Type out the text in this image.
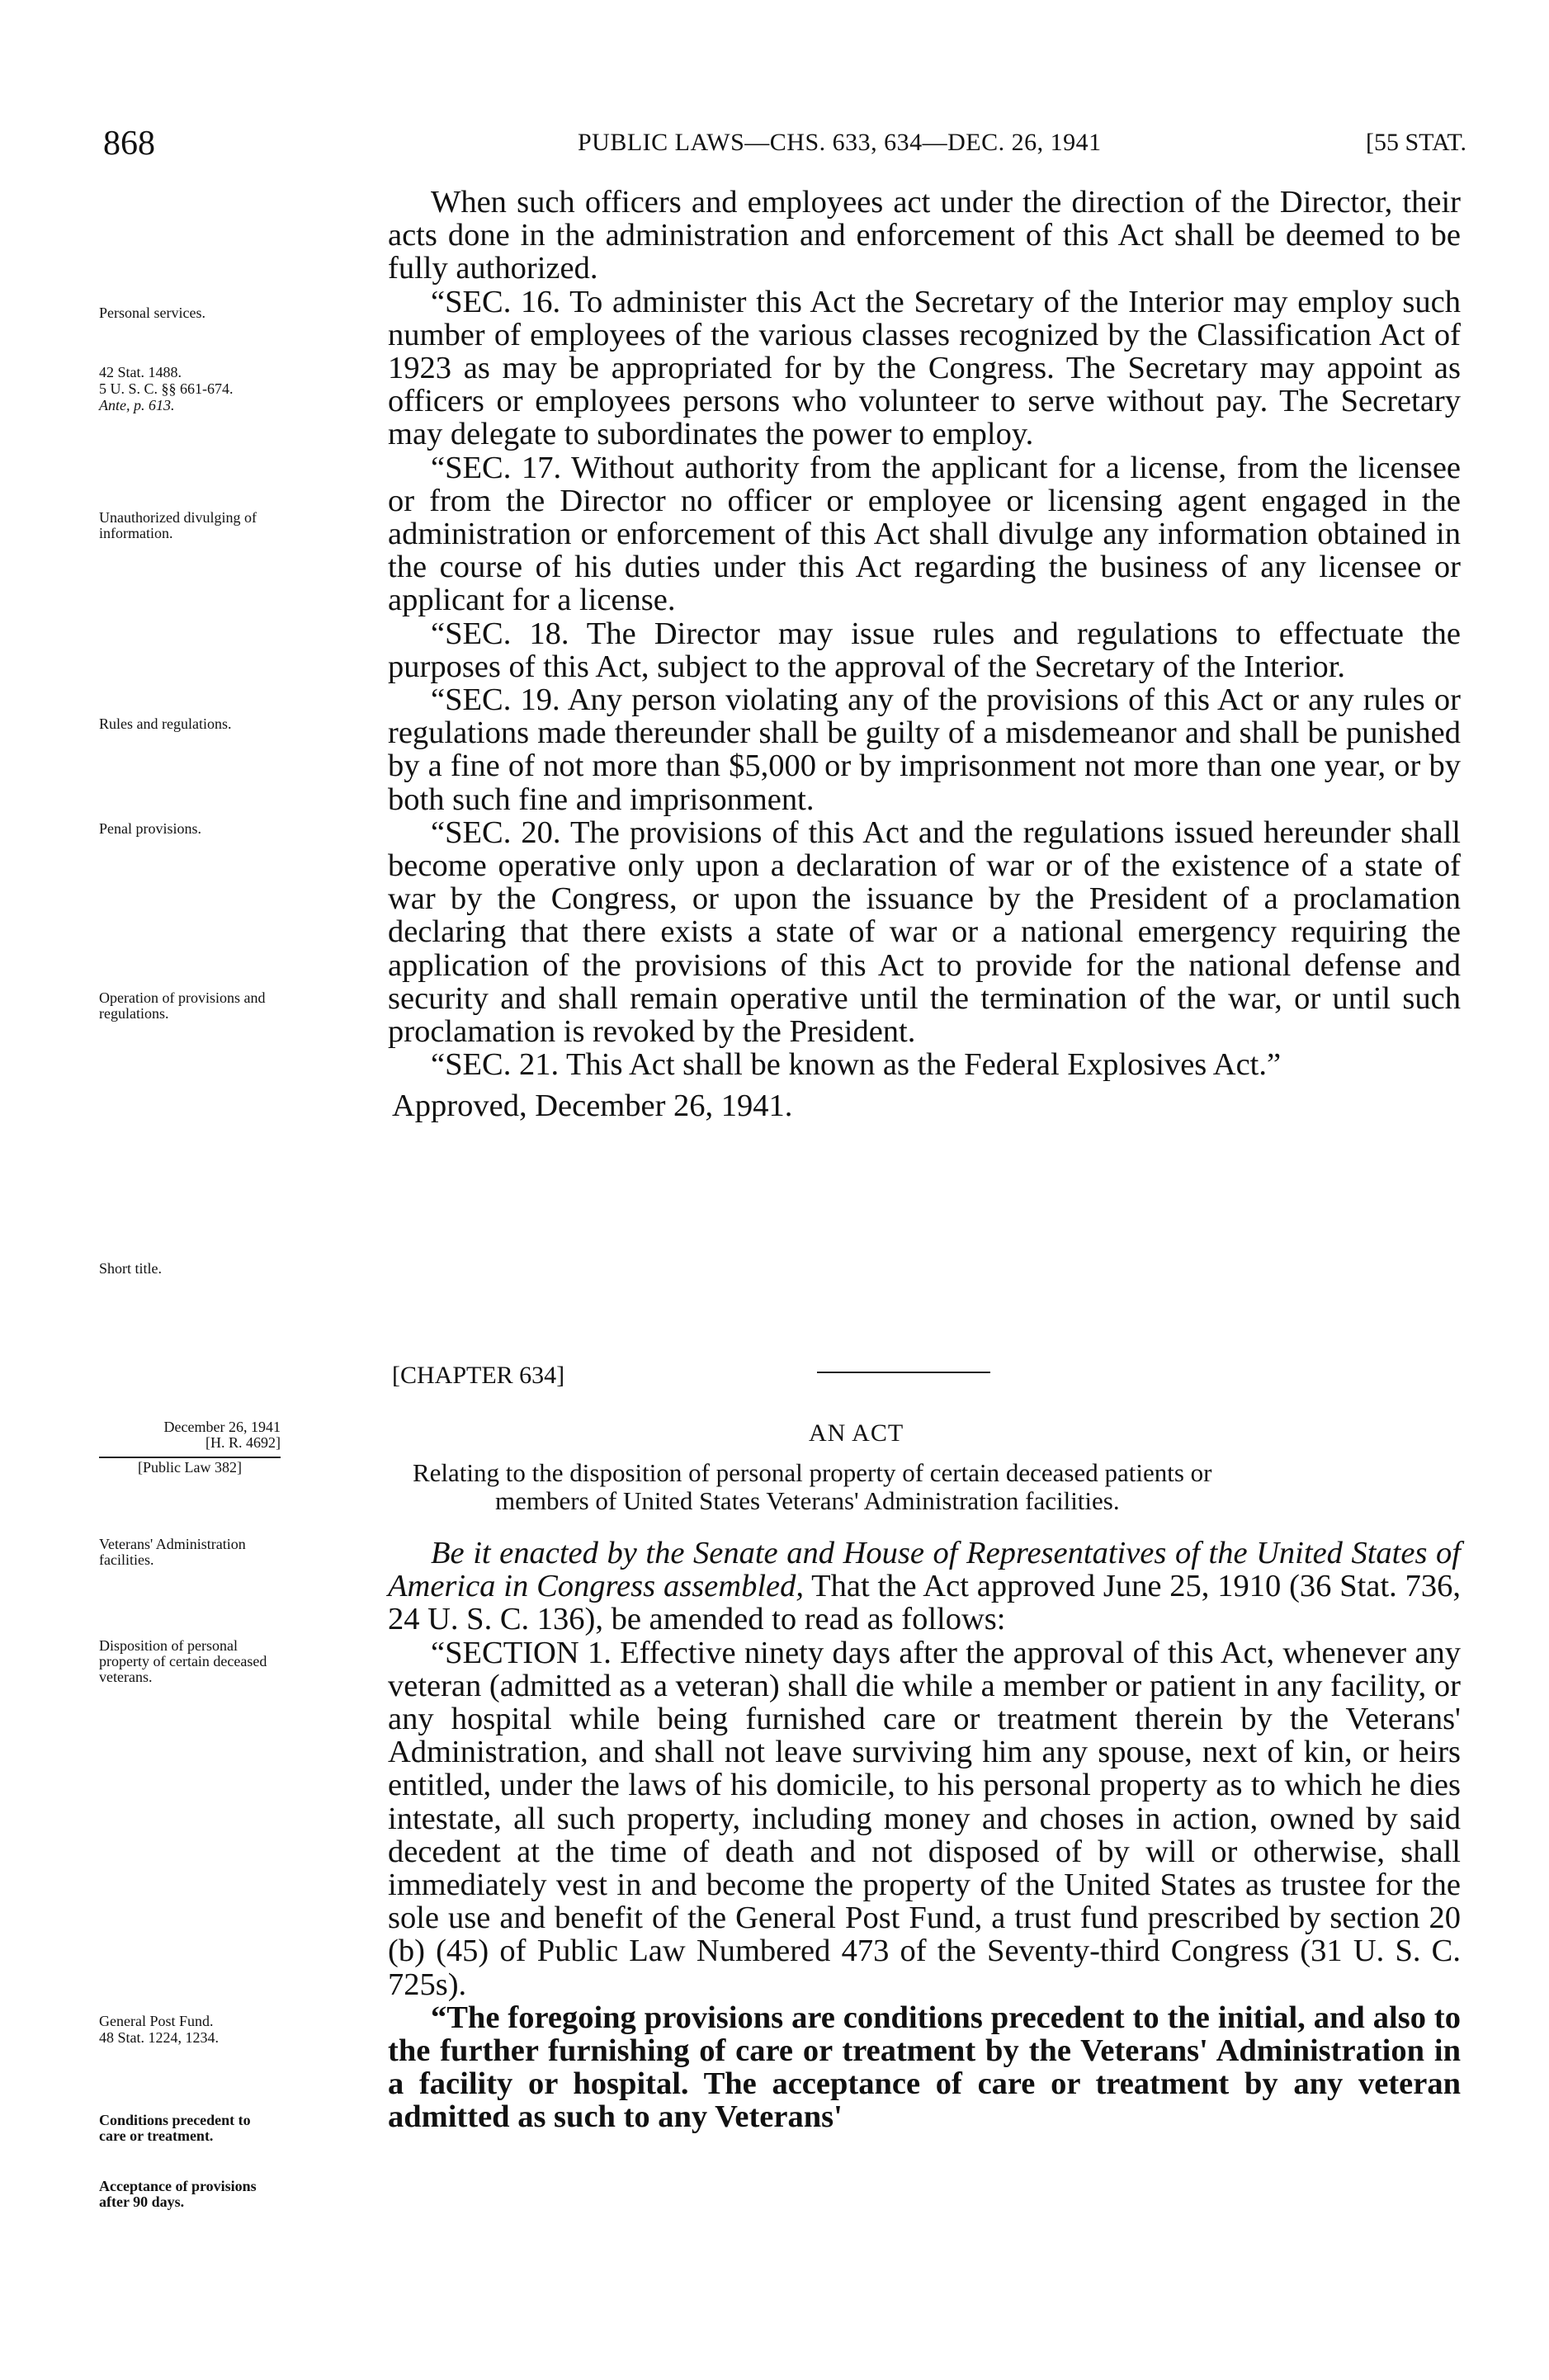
868	PUBLIC LAWS—CHS. 633, 634—DEC. 26, 1941	[55 STAT.
Personal services.
42 Stat. 1488.
5 U. S. C. §§ 661-674.
Ante, p. 613.
Unauthorized divulging of information.
Rules and regulations.
Penal provisions.
Operation of provisions and regulations.
Short title.
December 26, 1941
[H. R. 4692]
[Public Law 382]
Veterans' Administration facilities.
Disposition of personal property of certain deceased veterans.
General Post Fund.
48 Stat. 1224, 1234.
Conditions precedent to care or treatment.
Acceptance of provisions after 90 days.

When such officers and employees act under the direction of the Director, their acts done in the administration and enforcement of this Act shall be deemed to be fully authorized.

“SEC. 16. To administer this Act the Secretary of the Interior may employ such number of employees of the various classes recognized by the Classification Act of 1923 as may be appropriated for by the Congress. The Secretary may appoint as officers or employees persons who volunteer to serve without pay. The Secretary may delegate to subordinates the power to employ.

“SEC. 17. Without authority from the applicant for a license, from the licensee or from the Director no officer or employee or licensing agent engaged in the administration or enforcement of this Act shall divulge any information obtained in the course of his duties under this Act regarding the business of any licensee or applicant for a license.

“SEC. 18. The Director may issue rules and regulations to effectuate the purposes of this Act, subject to the approval of the Secretary of the Interior.

“SEC. 19. Any person violating any of the provisions of this Act or any rules or regulations made thereunder shall be guilty of a misdemeanor and shall be punished by a fine of not more than $5,000 or by imprisonment not more than one year, or by both such fine and imprisonment.

“SEC. 20. The provisions of this Act and the regulations issued hereunder shall become operative only upon a declaration of war or of the existence of a state of war by the Congress, or upon the issuance by the President of a proclamation declaring that there exists a state of war or a national emergency requiring the application of the provisions of this Act to provide for the national defense and security and shall remain operative until the termination of the war, or until such proclamation is revoked by the President.

“SEC. 21. This Act shall be known as the Federal Explosives Act.”

Approved, December 26, 1941.

[CHAPTER 634]
AN ACT
Relating to the disposition of personal property of certain deceased patients or
members of United States Veterans' Administration facilities.

Be it enacted by the Senate and House of Representatives of the United States of America in Congress assembled, That the Act approved June 25, 1910 (36 Stat. 736, 24 U. S. C. 136), be amended to read as follows:

“SECTION 1. Effective ninety days after the approval of this Act, whenever any veteran (admitted as a veteran) shall die while a member or patient in any facility, or any hospital while being furnished care or treatment therein by the Veterans' Administration, and shall not leave surviving him any spouse, next of kin, or heirs entitled, under the laws of his domicile, to his personal property as to which he dies intestate, all such property, including money and choses in action, owned by said decedent at the time of death and not disposed of by will or otherwise, shall immediately vest in and become the property of the United States as trustee for the sole use and benefit of the General Post Fund, a trust fund prescribed by section 20 (b) (45) of Public Law Numbered 473 of the Seventy-third Congress (31 U. S. C. 725s).

“The foregoing provisions are conditions precedent to the initial, and also to the further furnishing of care or treatment by the Veterans' Administration in a facility or hospital. The acceptance of care or treatment by any veteran admitted as such to any Veterans'
